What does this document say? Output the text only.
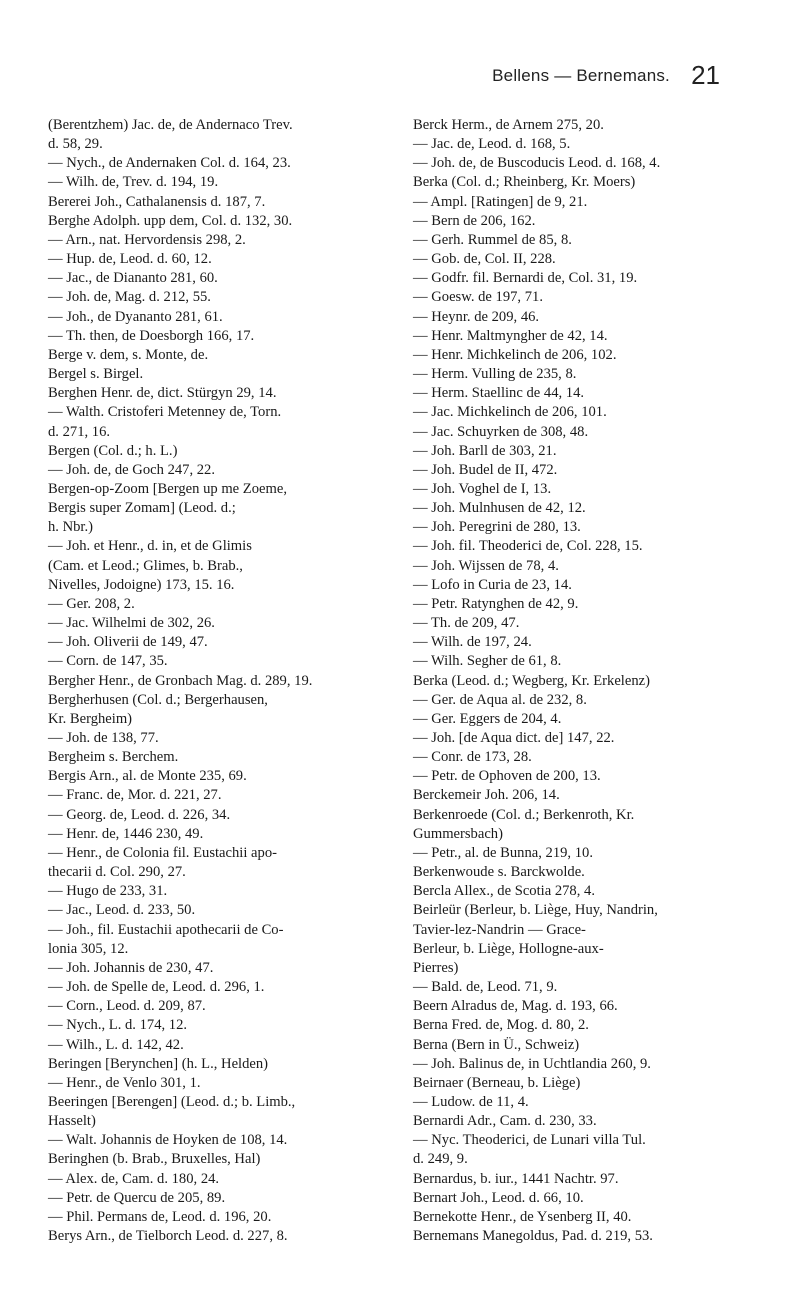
Bellens — Bernemans. 21

(Berentzhem) Jac. de, de Andernaco Trev.
d. 58, 29.

— Nych., de Andernaken Col. d. 164, 23.

— Wilh. de, Trev. d. 194, 19.

Bererei Joh., Cathalanensis d. 187, 7.

Berghe Adolph. upp dem, Col. d. 132, 30.

— Arn., nat. Hervordensis 298, 2.

— Hup. de, Leod. d. 60, 12.

— Jac., de Diananto 281, 60.

— Joh. de, Mag. d. 212, 55.

— Joh., de Dyananto 281, 61.

— Th. then, de Doesborgh 166, 17.

Berge v. dem, s. Monte, de.

Bergel s. Birgel.

Berghen Henr. de, dict. Stürgyn 29, 14.

— Walth. Cristoferi Metenney de, Torn.
d. 271, 16.

Bergen (Col. d.; h. L.)

— Joh. de, de Goch 247, 22.

Bergen-op-Zoom [Bergen up me Zoeme,
Bergis super Zomam] (Leod. d.;
h. Nbr.)

— Joh. et Henr., d. in, et de Glimis
(Cam. et Leod.; Glimes, b. Brab.,
Nivelles, Jodoigne) 173, 15. 16.

— Ger. 208, 2.

— Jac. Wilhelmi de 302, 26.

— Joh. Oliverii de 149, 47.

— Corn. de 147, 35.

Bergher Henr., de Gronbach Mag. d. 289, 19.

Bergherhusen (Col. d.; Bergerhausen,
Kr. Bergheim)

— Joh. de 138, 77.

Bergheim s. Berchem.

Bergis Arn., al. de Monte 235, 69.

— Franc. de, Mor. d. 221, 27.

— Georg. de, Leod. d. 226, 34.

— Henr. de, 1446 230, 49.

— Henr., de Colonia fil. Eustachii apo-
thecarii d. Col. 290, 27.

— Hugo de 233, 31.

— Jac., Leod. d. 233, 50.

— Joh., fil. Eustachii apothecarii de Co-
lonia 305, 12.

— Joh. Johannis de 230, 47.

— Joh. de Spelle de, Leod. d. 296, 1.

— Corn., Leod. d. 209, 87.

— Nych., L. d. 174, 12.

— Wilh., L. d. 142, 42.

Beringen [Berynchen] (h. L., Helden)

— Henr., de Venlo 301, 1.

Beeringen [Berengen] (Leod. d.; b. Limb.,
Hasselt)

— Walt. Johannis de Hoyken de 108, 14.

Beringhen (b. Brab., Bruxelles, Hal)

— Alex. de, Cam. d. 180, 24.

— Petr. de Quercu de 205, 89.

— Phil. Permans de, Leod. d. 196, 20.

Berys Arn., de Tielborch Leod. d. 227, 8.

Berck Herm., de Arnem 275, 20.

— Jac. de, Leod. d. 168, 5.

— Joh. de, de Buscoducis Leod. d. 168, 4.

Berka (Col. d.; Rheinberg, Kr. Moers)

— Ampl. [Ratingen] de 9, 21.

— Bern de 206, 162.

— Gerh. Rummel de 85, 8.

— Gob. de, Col. II, 228.

— Godfr. fil. Bernardi de, Col. 31, 19.

— Goesw. de 197, 71.

— Heynr. de 209, 46.

— Henr. Maltmyngher de 42, 14.

— Henr. Michkelinch de 206, 102.

— Herm. Vulling de 235, 8.

— Herm. Staellinc de 44, 14.

— Jac. Michkelinch de 206, 101.

— Jac. Schuyrken de 308, 48.

— Joh. Barll de 303, 21.

— Joh. Budel de II, 472.

— Joh. Voghel de I, 13.

— Joh. Mulnhusen de 42, 12.

— Joh. Peregrini de 280, 13.

— Joh. fil. Theoderici de, Col. 228, 15.

— Joh. Wijssen de 78, 4.

— Lofo in Curia de 23, 14.

— Petr. Ratynghen de 42, 9.

— Th. de 209, 47.

— Wilh. de 197, 24.

— Wilh. Segher de 61, 8.

Berka (Leod. d.; Wegberg, Kr. Erkelenz)

— Ger. de Aqua al. de 232, 8.

— Ger. Eggers de 204, 4.

— Joh. [de Aqua dict. de] 147, 22.

— Conr. de 173, 28.

— Petr. de Ophoven de 200, 13.

Berckemeir Joh. 206, 14.

Berkenroede (Col. d.; Berkenroth, Kr.
Gummersbach)

— Petr., al. de Bunna, 219, 10.

Berkenwoude s. Barckwolde.

Bercla Allex., de Scotia 278, 4.

Beirleür (Berleur, b. Liège, Huy, Nandrin,
Tavier-lez-Nandrin — Grace-
Berleur, b. Liège, Hollogne-aux-
Pierres)

— Bald. de, Leod. 71, 9.

Beern Alradus de, Mag. d. 193, 66.

Berna Fred. de, Mog. d. 80, 2.

Berna (Bern in Ü., Schweiz)

— Joh. Balinus de, in Uchtlandia 260, 9.

Beirnaer (Berneau, b. Liège)

— Ludow. de 11, 4.

Bernardi Adr., Cam. d. 230, 33.

— Nyc. Theoderici, de Lunari villa Tul.
d. 249, 9.

Bernardus, b. iur., 1441 Nachtr. 97.

Bernart Joh., Leod. d. 66, 10.

Bernekotte Henr., de Ysenberg II, 40.

Bernemans Manegoldus, Pad. d. 219, 53.
